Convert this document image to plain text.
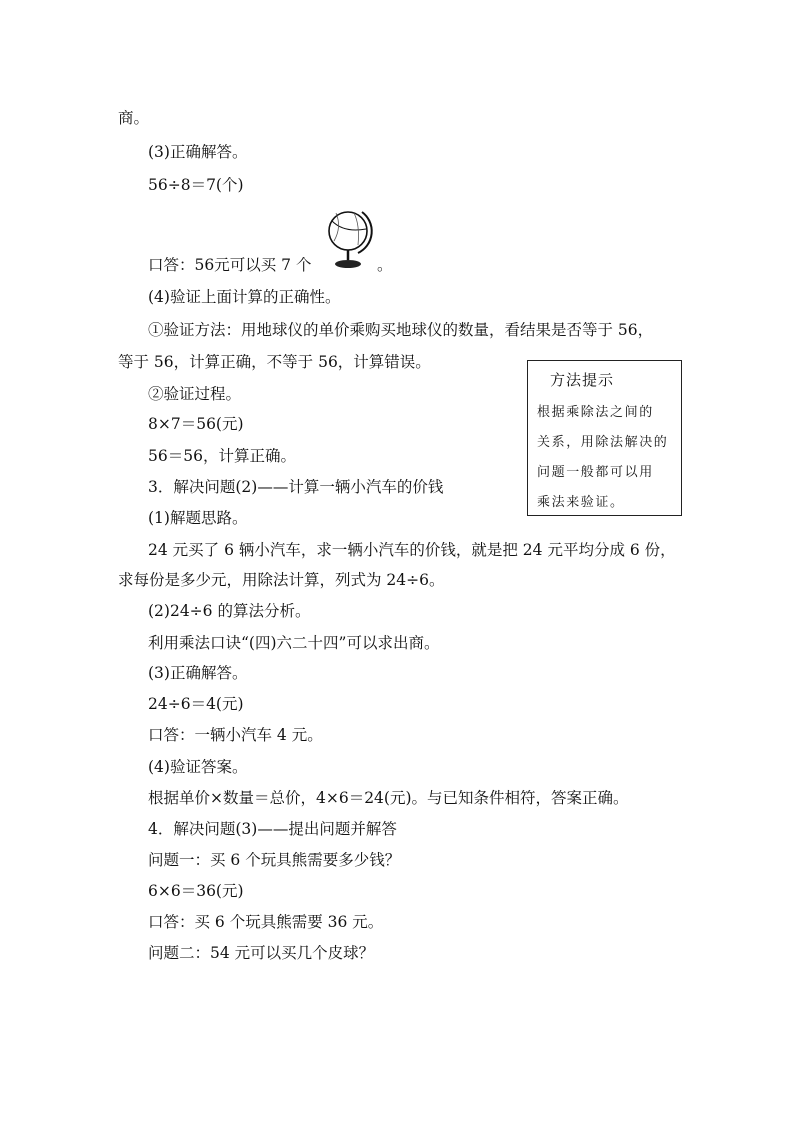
商。
(3)正确解答。
56÷8＝7(个)
口答：56元可以买 7 个	。
(4)验证上面计算的正确性。
①验证方法：用地球仪的单价乘购买地球仪的数量，看结果是否等于 56，
等于 56，计算正确，不等于 56，计算错误。
②验证过程。
8×7＝56(元)
56＝56，计算正确。
3．解决问题(2)——计算一辆小汽车的价钱
(1)解题思路。
24 元买了 6 辆小汽车，求一辆小汽车的价钱，就是把 24 元平均分成 6 份，
求每份是多少元，用除法计算，列式为 24÷6。
(2)24÷6 的算法分析。
利用乘法口诀“(四)六二十四”可以求出商。
(3)正确解答。
24÷6＝4(元)
口答：一辆小汽车 4 元。
(4)验证答案。
根据单价×数量＝总价，4×6＝24(元)。与已知条件相符，答案正确。
4．解决问题(3)——提出问题并解答
问题一：买 6 个玩具熊需要多少钱？
6×6＝36(元)
口答：买 6 个玩具熊需要 36 元。
问题二：54 元可以买几个皮球？
方法提示
根据乘除法之间的
关系，用除法解决的
问题一般都可以用
乘法来验证。
